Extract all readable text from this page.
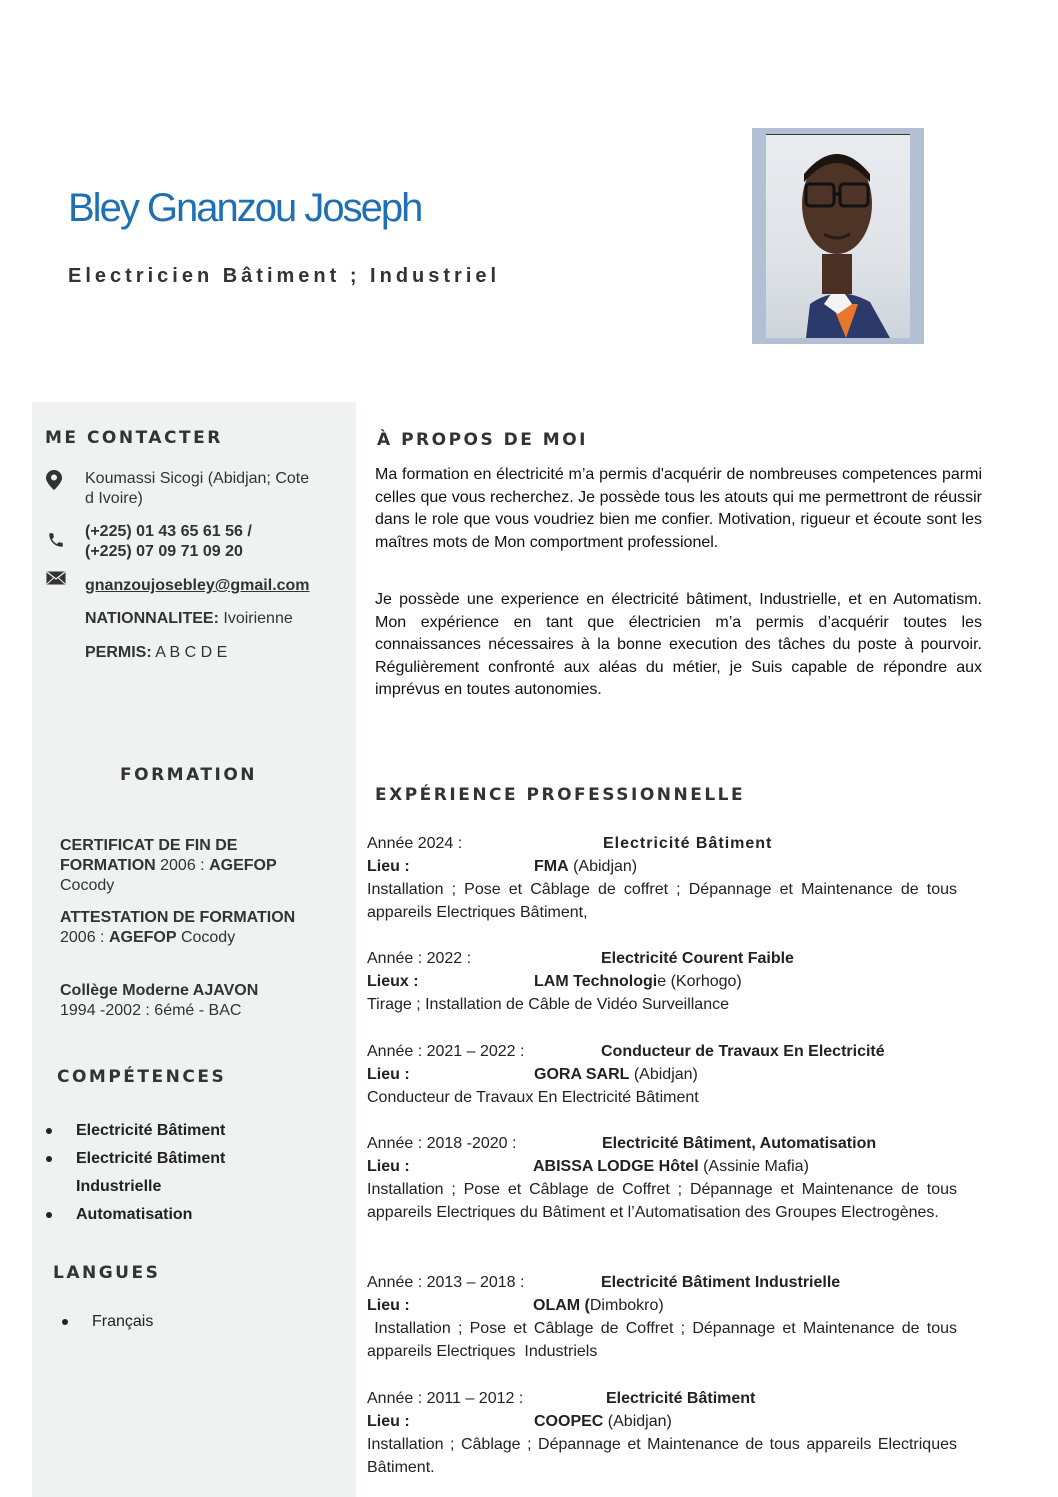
Bley Gnanzou Joseph
Electricien Bâtiment ; Industriel
ME CONTACTER
Koumassi Sicogi (Abidjan; Cote
d Ivoire)
(+225) 01 43 65 61 56 /
(+225) 07 09 71 09 20
gnanzoujosebley@gmail.com
NATIONNALITEE: Ivoirienne
PERMIS: A B C D E
FORMATION
CERTIFICAT DE FIN DE
FORMATION 2006 : AGEFOP
Cocody
ATTESTATION DE FORMATION
2006 : AGEFOP Cocody
Collège Moderne AJAVON
1994 -2002 : 6émé - BAC
COMPÉTENCES
Electricité Bâtiment
Electricité Bâtiment
Industrielle
Automatisation
LANGUES
Français
À PROPOS DE MOI
Ma formation en électricité m’a permis d'acquérir de nombreuses competences parmi celles que vous recherchez. Je possède tous les atouts qui me permettront de réussir dans le role que vous voudriez bien me confier. Motivation, rigueur et écoute sont les maîtres mots de Mon comportment professionel.
Je possède une experience en électricité bâtiment, Industrielle, et en Automatism. Mon expérience en tant que électricien m’a permis d’acquérir toutes les connaissances nécessaires à la bonne execution des tâches du poste à pourvoir. Régulièrement confronté aux aléas du métier, je Suis capable de répondre aux imprévus en toutes autonomies.
EXPÉRIENCE PROFESSIONNELLE
Année 2024 :	Electricité Bâtiment
Lieu :	FMA (Abidjan)
Installation ; Pose et Câblage de coffret ; Dépannage et Maintenance de tous appareils Electriques Bâtiment,
Année : 2022 :	Electricité Courent Faible
Lieux :	LAM Technologie (Korhogo)
Tirage ; Installation de Câble de Vidéo Surveillance
Année : 2021 – 2022 :	Conducteur de Travaux En Electricité
Lieu :	GORA SARL (Abidjan)
Conducteur de Travaux En Electricité Bâtiment
Année : 2018 -2020 :	Electricité Bâtiment, Automatisation
Lieu :	ABISSA LODGE Hôtel (Assinie Mafia)
Installation ; Pose et Câblage de Coffret ; Dépannage et Maintenance de tous appareils Electriques du Bâtiment et l’Automatisation des Groupes Electrogènes.
Année : 2013 – 2018 :	Electricité Bâtiment Industrielle
Lieu :	OLAM (Dimbokro)
Installation ; Pose et Câblage de Coffret ; Dépannage et Maintenance de tous appareils Electriques  Industriels
Année : 2011 – 2012 :	Electricité Bâtiment
Lieu :	COOPEC (Abidjan)
Installation ; Câblage ; Dépannage et Maintenance de tous appareils Electriques Bâtiment.
